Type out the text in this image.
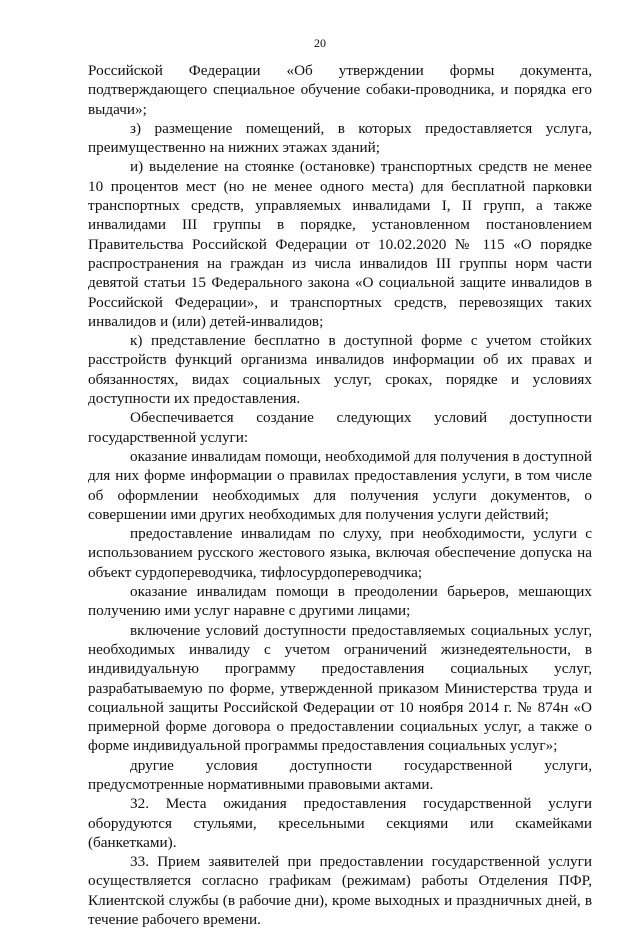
20

Российской Федерации «Об утверждении формы документа, подтверждающего специальное обучение собаки-проводника, и порядка его выдачи»;

з) размещение помещений, в которых предоставляется услуга, преимущественно на нижних этажах зданий;

и) выделение на стоянке (остановке) транспортных средств не менее 10 процентов мест (но не менее одного места) для бесплатной парковки транспортных средств, управляемых инвалидами I, II групп, а также инвалидами III группы в порядке, установленном постановлением Правительства Российской Федерации от 10.02.2020 № 115 «О порядке распространения на граждан из числа инвалидов III группы норм части девятой статьи 15 Федерального закона «О социальной защите инвалидов в Российской Федерации», и транспортных средств, перевозящих таких инвалидов и (или) детей-инвалидов;

к) представление бесплатно в доступной форме с учетом стойких расстройств функций организма инвалидов информации об их правах и обязанностях, видах социальных услуг, сроках, порядке и условиях доступности их предоставления.

Обеспечивается создание следующих условий доступности государственной услуги:

оказание инвалидам помощи, необходимой для получения в доступной для них форме информации о правилах предоставления услуги, в том числе об оформлении необходимых для получения услуги документов, о совершении ими других необходимых для получения услуги действий;

предоставление инвалидам по слуху, при необходимости, услуги с использованием русского жестового языка, включая обеспечение допуска на объект сурдопереводчика, тифлосурдопереводчика;

оказание инвалидам помощи в преодолении барьеров, мешающих получению ими услуг наравне с другими лицами;

включение условий доступности предоставляемых социальных услуг, необходимых инвалиду с учетом ограничений жизнедеятельности, в индивидуальную программу предоставления социальных услуг, разрабатываемую по форме, утвержденной приказом Министерства труда и социальной защиты Российской Федерации от 10 ноября 2014 г. № 874н «О примерной форме договора о предоставлении социальных услуг, а также о форме индивидуальной программы предоставления социальных услуг»;

другие условия доступности государственной услуги, предусмотренные нормативными правовыми актами.

32. Места ожидания предоставления государственной услуги оборудуются стульями, кресельными секциями или скамейками (банкетками).

33. Прием заявителей при предоставлении государственной услуги осуществляется согласно графикам (режимам) работы Отделения ПФР, Клиентской службы (в рабочие дни), кроме выходных и праздничных дней, в течение рабочего времени.
